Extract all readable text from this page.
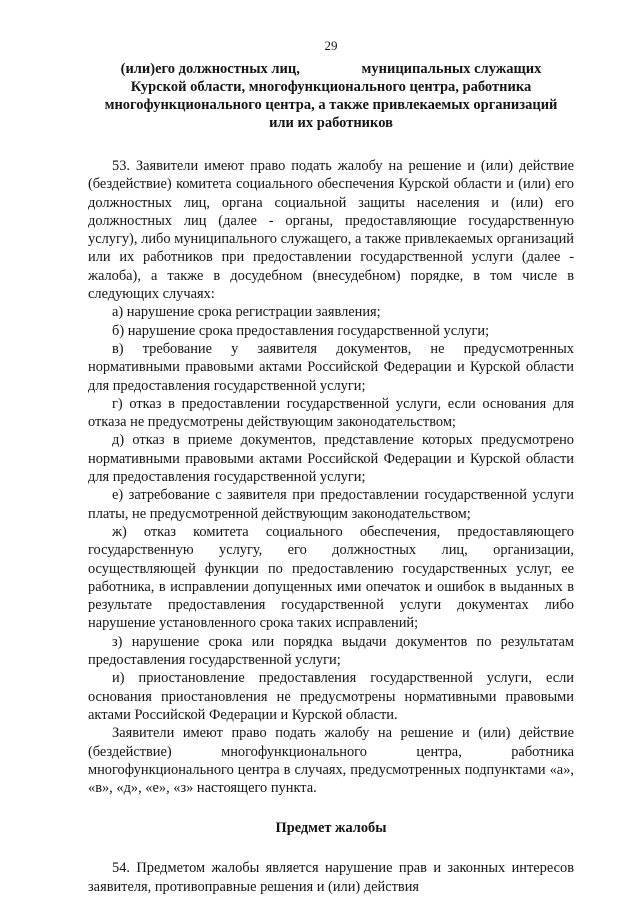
29
(или)его должностных лиц,                 муниципальных служащих
Курской области, многофункционального центра, работника
многофункционального центра, а также привлекаемых организаций
или их работников

53. Заявители имеют право подать жалобу на решение и (или) действие (бездействие) комитета социального обеспечения Курской области и (или) его должностных лиц, органа социальной защиты населения и (или) его должностных лиц (далее - органы, предоставляющие государственную услугу), либо муниципального служащего, а также привлекаемых организаций или их работников при предоставлении государственной услуги (далее - жалоба), а также в досудебном (внесудебном) порядке, в том числе в следующих случаях:

а) нарушение срока регистрации заявления;

б) нарушение срока предоставления государственной услуги;

в) требование у заявителя документов, не предусмотренных нормативными правовыми актами Российской Федерации и Курской области для предоставления государственной услуги;

г) отказ в предоставлении государственной услуги, если основания для отказа не предусмотрены действующим законодательством;

д) отказ в приеме документов, представление которых предусмотрено нормативными правовыми актами Российской Федерации и Курской области для предоставления государственной услуги;

е) затребование с заявителя при предоставлении государственной услуги платы, не предусмотренной действующим законодательством;

ж) отказ комитета социального обеспечения, предоставляющего государственную услугу, его должностных лиц, организации, осуществляющей функции по предоставлению государственных услуг, ее работника, в исправлении допущенных ими опечаток и ошибок в выданных в результате предоставления государственной услуги документах либо нарушение установленного срока таких исправлений;

з) нарушение срока или порядка выдачи документов по результатам предоставления государственной услуги;

и) приостановление предоставления государственной услуги, если основания приостановления не предусмотрены нормативными правовыми актами Российской Федерации и Курской области.

Заявители имеют право подать жалобу на решение и (или) действие (бездействие) многофункционального центра, работника многофункционального центра в случаях, предусмотренных подпунктами «а», «в», «д», «е», «з» настоящего пункта.

Предмет жалобы

54. Предметом жалобы является нарушение прав и законных интересов заявителя, противоправные решения и (или) действия
